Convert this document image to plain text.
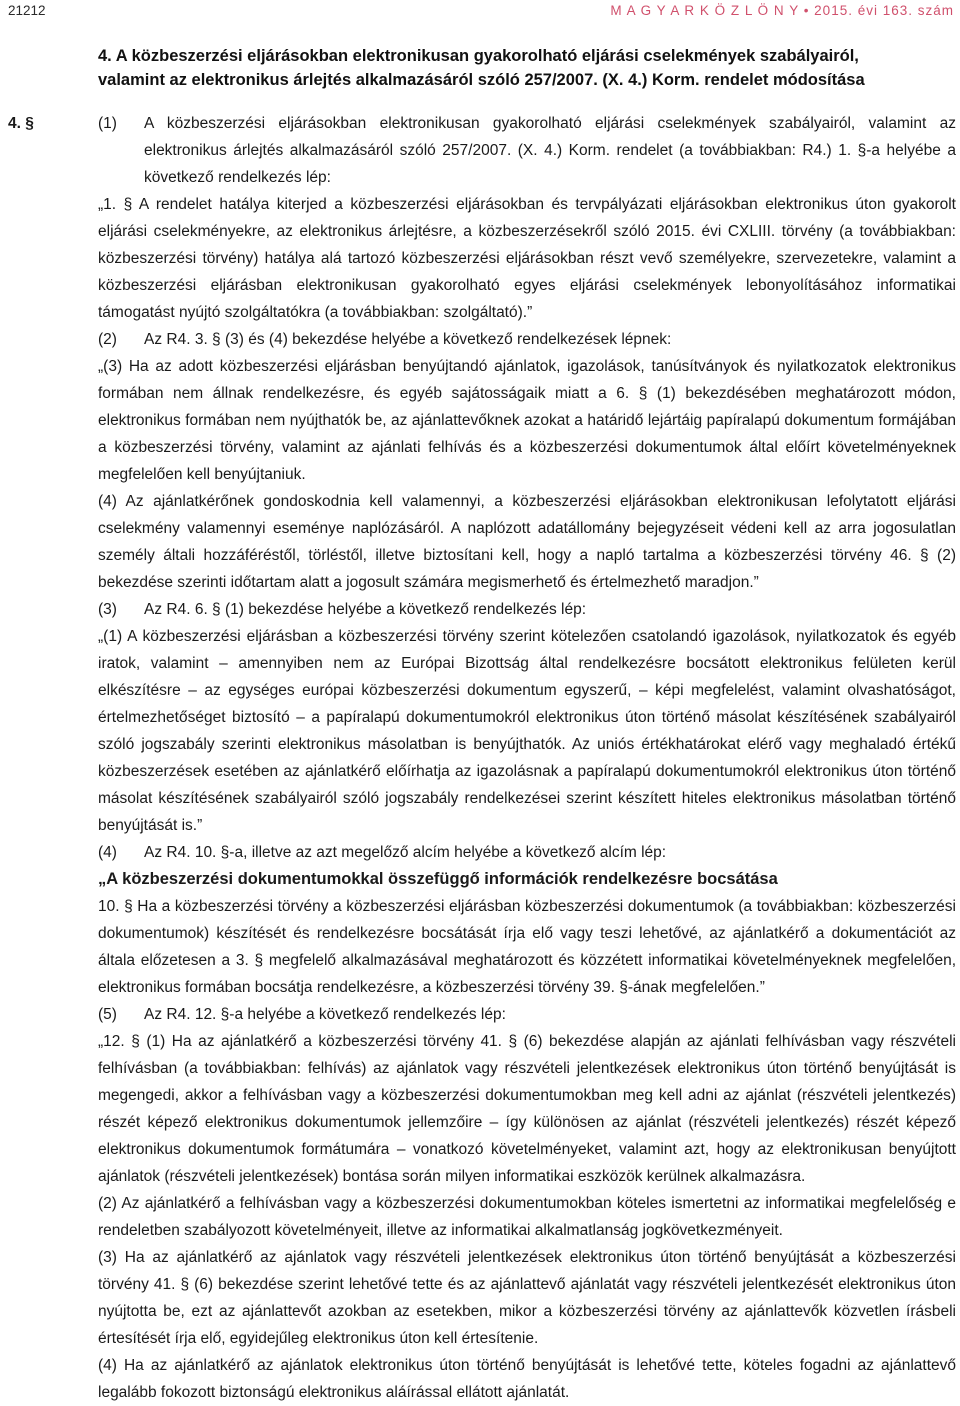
21212	M A G Y A R K Ö Z L Ö N Y • 2015. évi 163. szám
4. A közbeszerzési eljárásokban elektronikusan gyakorolható eljárási cselekmények szabályairól,
valamint az elektronikus árlejtés alkalmazásáról szóló 257/2007. (X. 4.) Korm. rendelet módosítása
4. §	(1)	A közbeszerzési eljárásokban elektronikusan gyakorolható eljárási cselekmények szabályairól, valamint az elektronikus árlejtés alkalmazásáról szóló 257/2007. (X. 4.) Korm. rendelet (a továbbiakban: R4.) 1. §-a helyébe a következő rendelkezés lép:

„1. § A rendelet hatálya kiterjed a közbeszerzési eljárásokban és tervpályázati eljárásokban elektronikus úton gyakorolt eljárási cselekményekre, az elektronikus árlejtésre, a közbeszerzésekről szóló 2015. évi CXLIII. törvény (a továbbiakban: közbeszerzési törvény) hatálya alá tartozó közbeszerzési eljárásokban részt vevő személyekre, szervezetekre, valamint a közbeszerzési eljárásban elektronikusan gyakorolható egyes eljárási cselekmények lebonyolításához informatikai támogatást nyújtó szolgáltatókra (a továbbiakban: szolgáltató).”

(2)	Az R4. 3. § (3) és (4) bekezdése helyébe a következő rendelkezések lépnek:

„(3) Ha az adott közbeszerzési eljárásban benyújtandó ajánlatok, igazolások, tanúsítványok és nyilatkozatok elektronikus formában nem állnak rendelkezésre, és egyéb sajátosságaik miatt a 6. § (1) bekezdésében meghatározott módon, elektronikus formában nem nyújthatók be, az ajánlattevőknek azokat a határidő lejártáig papíralapú dokumentum formájában a közbeszerzési törvény, valamint az ajánlati felhívás és a közbeszerzési dokumentumok által előírt követelményeknek megfelelően kell benyújtaniuk.

(4) Az ajánlatkérőnek gondoskodnia kell valamennyi, a közbeszerzési eljárásokban elektronikusan lefolytatott eljárási cselekmény valamennyi eseménye naplózásáról. A naplózott adatállomány bejegyzéseit védeni kell az arra jogosulatlan személy általi hozzáféréstől, törléstől, illetve biztosítani kell, hogy a napló tartalma a közbeszerzési törvény 46. § (2) bekezdése szerinti időtartam alatt a jogosult számára megismerhető és értelmezhető maradjon.”

(3)	Az R4. 6. § (1) bekezdése helyébe a következő rendelkezés lép:

„(1) A közbeszerzési eljárásban a közbeszerzési törvény szerint kötelezően csatolandó igazolások, nyilatkozatok és egyéb iratok, valamint ‒ amennyiben nem az Európai Bizottság által rendelkezésre bocsátott elektronikus felületen kerül elkészítésre ‒ az egységes európai közbeszerzési dokumentum egyszerű, ‒ képi megfelelést, valamint olvashatóságot, értelmezhetőséget biztosító ‒ a papíralapú dokumentumokról elektronikus úton történő másolat készítésének szabályairól szóló jogszabály szerinti elektronikus másolatban is benyújthatók. Az uniós értékhatárokat elérő vagy meghaladó értékű közbeszerzések esetében az ajánlatkérő előírhatja az igazolásnak a papíralapú dokumentumokról elektronikus úton történő másolat készítésének szabályairól szóló jogszabály rendelkezései szerint készített hiteles elektronikus másolatban történő benyújtását is.”

(4)	Az R4. 10. §-a, illetve az azt megelőző alcím helyébe a következő alcím lép:

„A közbeszerzési dokumentumokkal összefüggő információk rendelkezésre bocsátása

10. § Ha a közbeszerzési törvény a közbeszerzési eljárásban közbeszerzési dokumentumok (a továbbiakban: közbeszerzési dokumentumok) készítését és rendelkezésre bocsátását írja elő vagy teszi lehetővé, az ajánlatkérő a dokumentációt az általa előzetesen a 3. § megfelelő alkalmazásával meghatározott és közzétett informatikai követelményeknek megfelelően, elektronikus formában bocsátja rendelkezésre, a közbeszerzési törvény 39. §-ának megfelelően.”

(5)	Az R4. 12. §-a helyébe a következő rendelkezés lép:

„12. § (1) Ha az ajánlatkérő a közbeszerzési törvény 41. § (6) bekezdése alapján az ajánlati felhívásban vagy részvételi felhívásban (a továbbiakban: felhívás) az ajánlatok vagy részvételi jelentkezések elektronikus úton történő benyújtását is megengedi, akkor a felhívásban vagy a közbeszerzési dokumentumokban meg kell adni az ajánlat (részvételi jelentkezés) részét képező elektronikus dokumentumok jellemzőire ‒ így különösen az ajánlat (részvételi jelentkezés) részét képező elektronikus dokumentumok formátumára ‒ vonatkozó követelményeket, valamint azt, hogy az elektronikusan benyújtott ajánlatok (részvételi jelentkezések) bontása során milyen informatikai eszközök kerülnek alkalmazásra.

(2) Az ajánlatkérő a felhívásban vagy a közbeszerzési dokumentumokban köteles ismertetni az informatikai megfelelőség e rendeletben szabályozott követelményeit, illetve az informatikai alkalmatlanság jogkövetkezményeit.

(3) Ha az ajánlatkérő az ajánlatok vagy részvételi jelentkezések elektronikus úton történő benyújtását a közbeszerzési törvény 41. § (6) bekezdése szerint lehetővé tette és az ajánlattevő ajánlatát vagy részvételi jelentkezését elektronikus úton nyújtotta be, ezt az ajánlattevőt azokban az esetekben, mikor a közbeszerzési törvény az ajánlattevők közvetlen írásbeli értesítését írja elő, egyidejűleg elektronikus úton kell értesítenie.

(4) Ha az ajánlatkérő az ajánlatok elektronikus úton történő benyújtását is lehetővé tette, köteles fogadni az ajánlattevő legalább fokozott biztonságú elektronikus aláírással ellátott ajánlatát.
